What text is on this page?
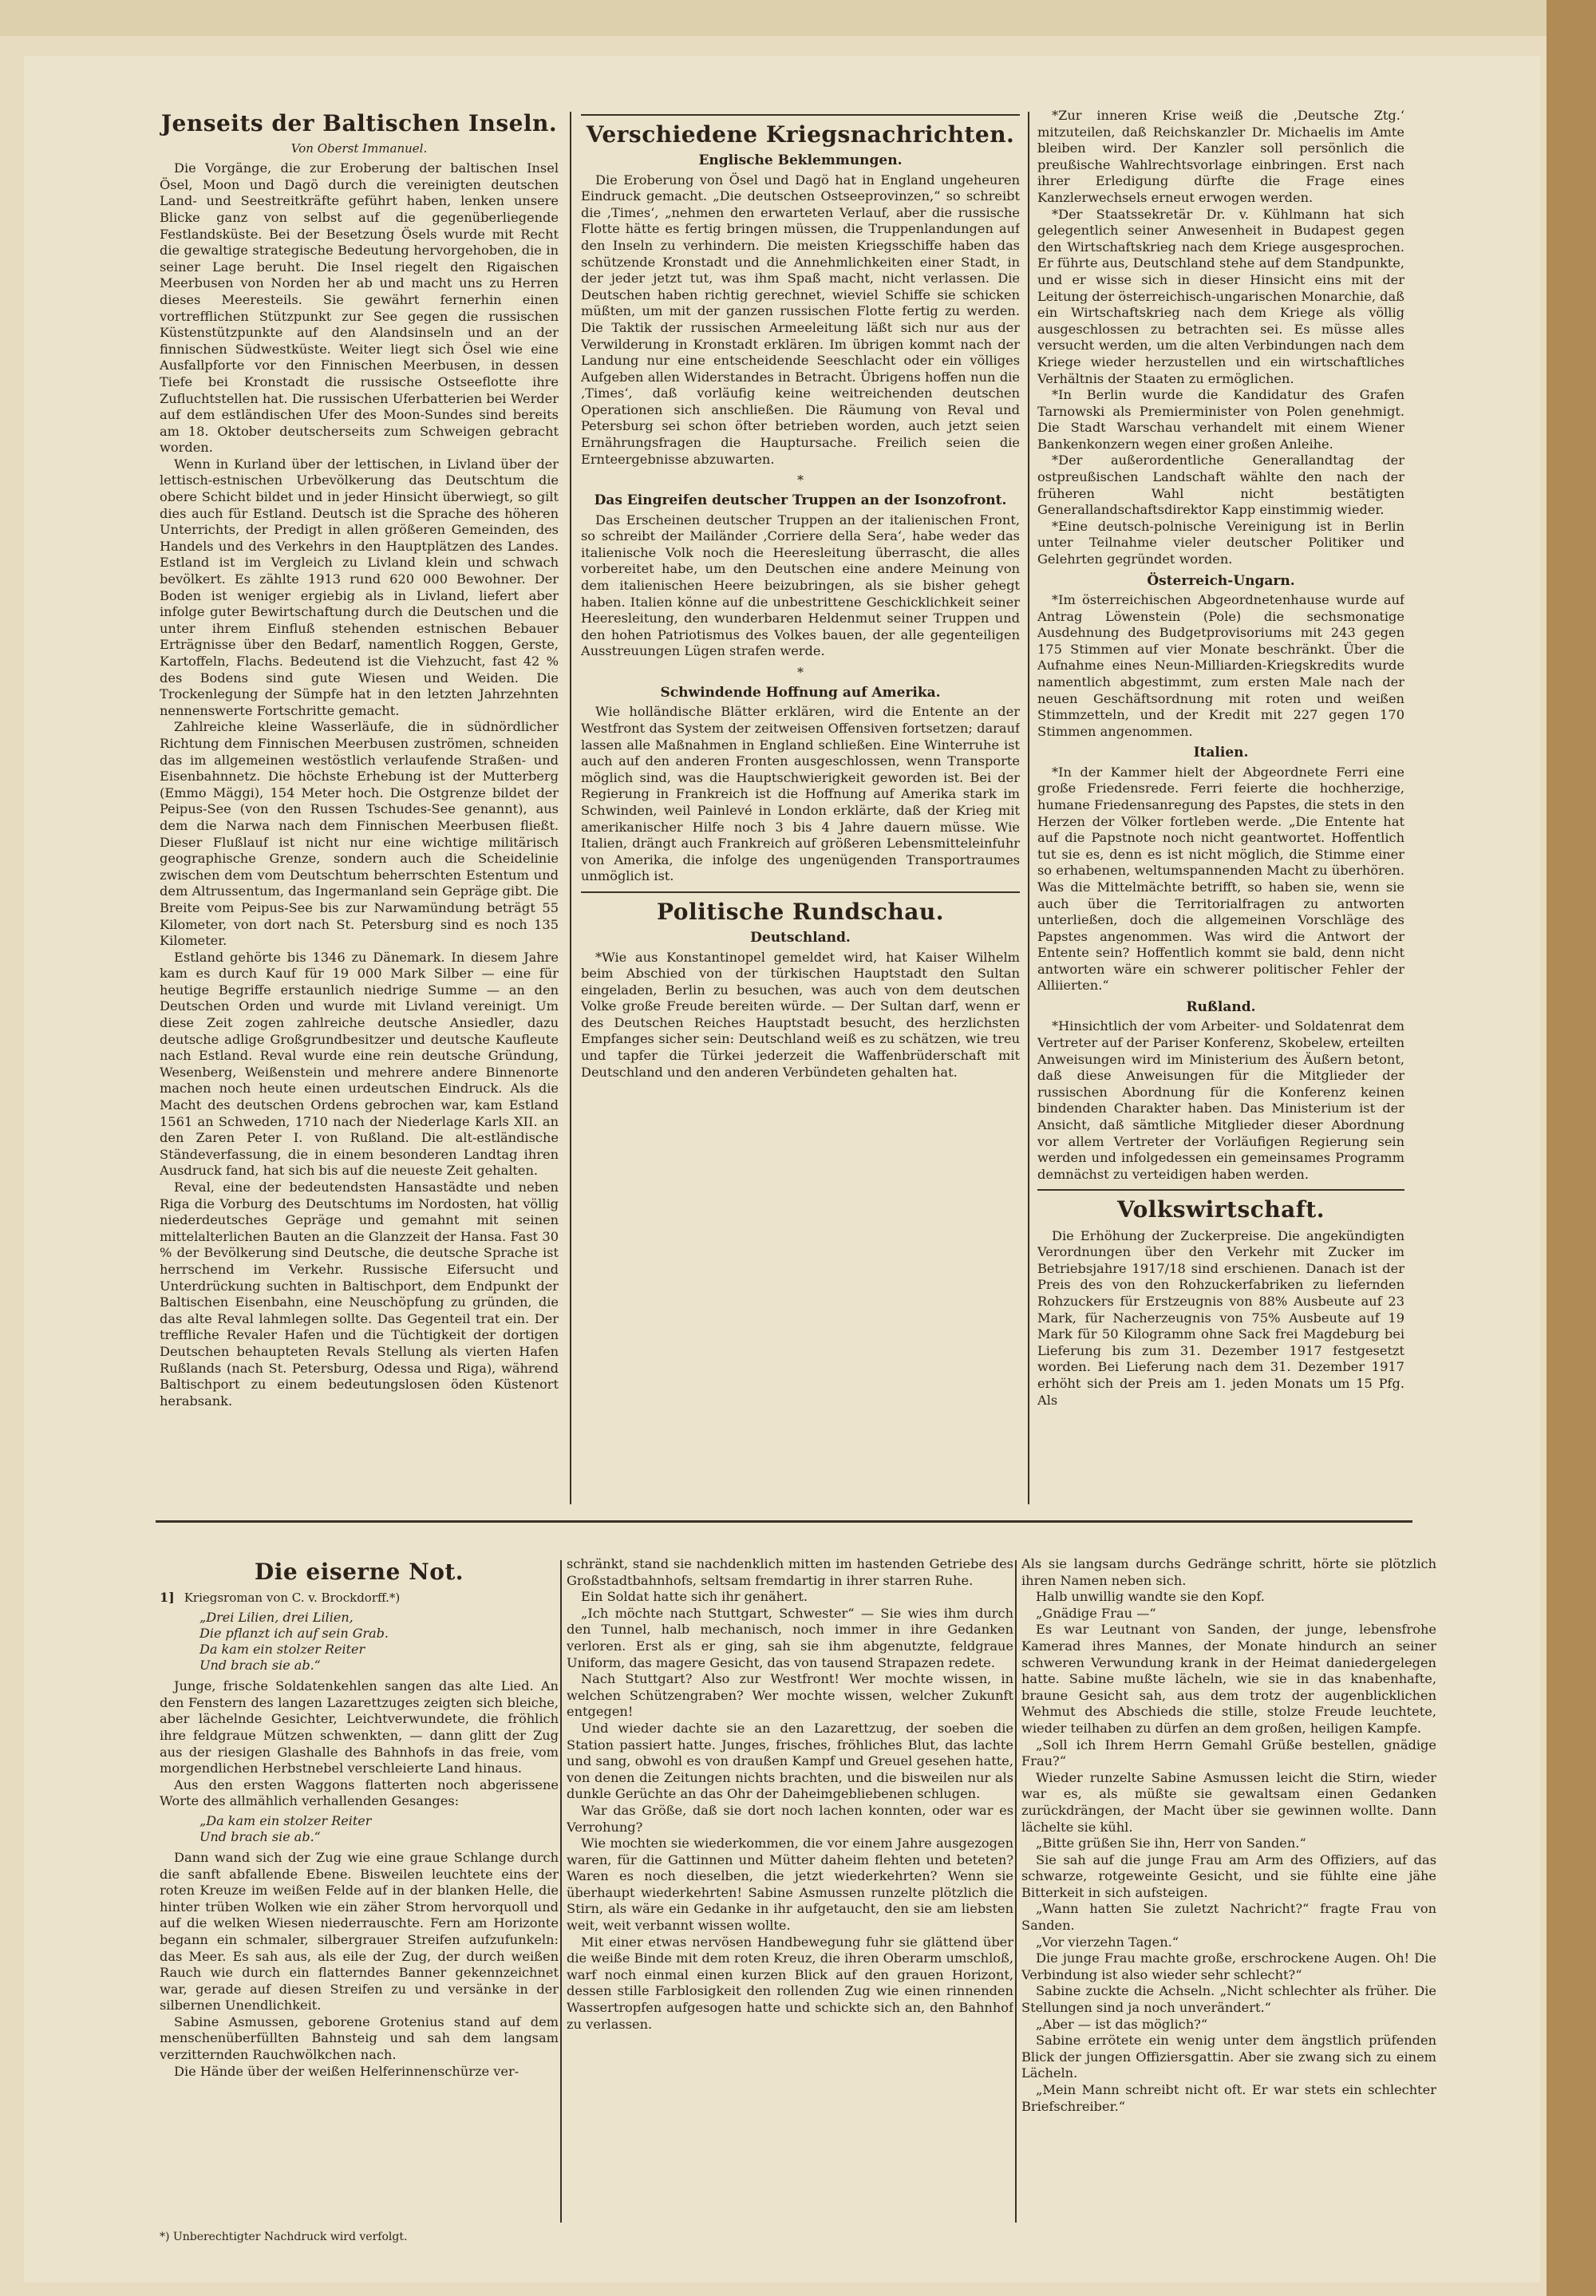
Jenseits der Baltischen Inseln.
Von Oberst Immanuel.

Die Vorgänge, die zur Eroberung der baltischen Insel Ösel, Moon und Dagö durch die vereinigten deutschen Land- und Seestreitkräfte geführt haben, lenken unsere Blicke ganz von selbst auf die gegenüberliegende Festlandsküste. Bei der Besetzung Ösels wurde mit Recht die gewaltige strategische Bedeutung hervorgehoben, die in seiner Lage beruht. Die Insel riegelt den Rigaischen Meerbusen von Norden her ab und macht uns zu Herren dieses Meeresteils. Sie gewährt fernerhin einen vortrefflichen Stützpunkt zur See gegen die russischen Küstenstützpunkte auf den Alandsinseln und an der finnischen Südwestküste. Weiter liegt sich Ösel wie eine Ausfallpforte vor den Finnischen Meerbusen, in dessen Tiefe bei Kronstadt die russische Ostseeflotte ihre Zufluchtstellen hat. Die russischen Uferbatterien bei Werder auf dem estländischen Ufer des Moon-Sundes sind bereits am 18. Oktober deutscherseits zum Schweigen gebracht worden.

Wenn in Kurland über der lettischen, in Livland über der lettisch-estnischen Urbevölkerung das Deutschtum die obere Schicht bildet und in jeder Hinsicht überwiegt, so gilt dies auch für Estland. Deutsch ist die Sprache des höheren Unterrichts, der Predigt in allen größeren Gemeinden, des Handels und des Verkehrs in den Hauptplätzen des Landes. Estland ist im Vergleich zu Livland klein und schwach bevölkert. Es zählte 1913 rund 620 000 Bewohner. Der Boden ist weniger ergiebig als in Livland, liefert aber infolge guter Bewirtschaftung durch die Deutschen und die unter ihrem Einfluß stehenden estnischen Bebauer Erträgnisse über den Bedarf, namentlich Roggen, Gerste, Kartoffeln, Flachs. Bedeutend ist die Viehzucht, fast 42 % des Bodens sind gute Wiesen und Weiden. Die Trockenlegung der Sümpfe hat in den letzten Jahrzehnten nennenswerte Fortschritte gemacht.

Zahlreiche kleine Wasserläufe, die in südnördlicher Richtung dem Finnischen Meerbusen zuströmen, schneiden das im allgemeinen westöstlich verlaufende Straßen- und Eisenbahnnetz. Die höchste Erhebung ist der Mutterberg (Emmo Mäggi), 154 Meter hoch. Die Ostgrenze bildet der Peipus-See (von den Russen Tschudes-See genannt), aus dem die Narwa nach dem Finnischen Meerbusen fließt. Dieser Flußlauf ist nicht nur eine wichtige militärisch geographische Grenze, sondern auch die Scheidelinie zwischen dem vom Deutschtum beherrschten Estentum und dem Altrussentum, das Ingermanland sein Gepräge gibt. Die Breite vom Peipus-See bis zur Narwamündung beträgt 55 Kilometer, von dort nach St. Petersburg sind es noch 135 Kilometer.

Estland gehörte bis 1346 zu Dänemark. In diesem Jahre kam es durch Kauf für 19 000 Mark Silber — eine für heutige Begriffe erstaunlich niedrige Summe — an den Deutschen Orden und wurde mit Livland vereinigt. Um diese Zeit zogen zahlreiche deutsche Ansiedler, dazu deutsche adlige Großgrundbesitzer und deutsche Kaufleute nach Estland. Reval wurde eine rein deutsche Gründung, Wesenberg, Weißenstein und mehrere andere Binnenorte machen noch heute einen urdeutschen Eindruck. Als die Macht des deutschen Ordens gebrochen war, kam Estland 1561 an Schweden, 1710 nach der Niederlage Karls XII. an den Zaren Peter I. von Rußland. Die alt-estländische Ständeverfassung, die in einem besonderen Landtag ihren Ausdruck fand, hat sich bis auf die neueste Zeit gehalten.

Reval, eine der bedeutendsten Hansastädte und neben Riga die Vorburg des Deutschtums im Nordosten, hat völlig niederdeutsches Gepräge und gemahnt mit seinen mittelalterlichen Bauten an die Glanzzeit der Hansa. Fast 30 % der Bevölkerung sind Deutsche, die deutsche Sprache ist herrschend im Verkehr. Russische Eifersucht und Unterdrückung suchten in Baltischport, dem Endpunkt der Baltischen Eisenbahn, eine Neuschöpfung zu gründen, die das alte Reval lahmlegen sollte. Das Gegenteil trat ein. Der treffliche Revaler Hafen und die Tüchtigkeit der dortigen Deutschen behaupteten Revals Stellung als vierten Hafen Rußlands (nach St. Petersburg, Odessa und Riga), während Baltischport zu einem bedeutungslosen öden Küstenort herabsank.

Verschiedene Kriegsnachrichten.
Englische Beklemmungen.

Die Eroberung von Ösel und Dagö hat in England ungeheuren Eindruck gemacht. „Die deutschen Ostseeprovinzen,“ so schreibt die ‚Times‘, „nehmen den erwarteten Verlauf, aber die russische Flotte hätte es fertig bringen müssen, die Truppenlandungen auf den Inseln zu verhindern. Die meisten Kriegsschiffe haben das schützende Kronstadt und die Annehmlichkeiten einer Stadt, in der jeder jetzt tut, was ihm Spaß macht, nicht verlassen. Die Deutschen haben richtig gerechnet, wieviel Schiffe sie schicken müßten, um mit der ganzen russischen Flotte fertig zu werden. Die Taktik der russischen Armeeleitung läßt sich nur aus der Verwilderung in Kronstadt erklären. Im übrigen kommt nach der Landung nur eine entscheidende Seeschlacht oder ein völliges Aufgeben allen Widerstandes in Betracht. Übrigens hoffen nun die ‚Times‘, daß vorläufig keine weitreichenden deutschen Operationen sich anschließen. Die Räumung von Reval und Petersburg sei schon öfter betrieben worden, auch jetzt seien Ernährungsfragen die Hauptursache. Freilich seien die Ernteergebnisse abzuwarten.

*
Das Eingreifen deutscher Truppen an der Isonzofront.

Das Erscheinen deutscher Truppen an der italienischen Front, so schreibt der Mailänder ‚Corriere della Sera‘, habe weder das italienische Volk noch die Heeresleitung überrascht, die alles vorbereitet habe, um den Deutschen eine andere Meinung von dem italienischen Heere beizubringen, als sie bisher gehegt haben. Italien könne auf die unbestrittene Geschicklichkeit seiner Heeresleitung, den wunderbaren Heldenmut seiner Truppen und den hohen Patriotismus des Volkes bauen, der alle gegenteiligen Ausstreuungen Lügen strafen werde.

*
Schwindende Hoffnung auf Amerika.

Wie holländische Blätter erklären, wird die Entente an der Westfront das System der zeitweisen Offensiven fortsetzen; darauf lassen alle Maßnahmen in England schließen. Eine Winterruhe ist auch auf den anderen Fronten ausgeschlossen, wenn Transporte möglich sind, was die Hauptschwierigkeit geworden ist. Bei der Regierung in Frankreich ist die Hoffnung auf Amerika stark im Schwinden, weil Painlevé in London erklärte, daß der Krieg mit amerikanischer Hilfe noch 3 bis 4 Jahre dauern müsse. Wie Italien, drängt auch Frankreich auf größeren Lebensmitteleinfuhr von Amerika, die infolge des ungenügenden Transportraumes unmöglich ist.

Politische Rundschau.
Deutschland.

*Wie aus Konstantinopel gemeldet wird, hat Kaiser Wilhelm beim Abschied von der türkischen Hauptstadt den Sultan eingeladen, Berlin zu besuchen, was auch von dem deutschen Volke große Freude bereiten würde. — Der Sultan darf, wenn er des Deutschen Reiches Hauptstadt besucht, des herzlichsten Empfanges sicher sein: Deutschland weiß es zu schätzen, wie treu und tapfer die Türkei jederzeit die Waffenbrüderschaft mit Deutschland und den anderen Verbündeten gehalten hat.

*Zur inneren Krise weiß die ‚Deutsche Ztg.‘ mitzuteilen, daß Reichskanzler Dr. Michaelis im Amte bleiben wird. Der Kanzler soll persönlich die preußische Wahlrechtsvorlage einbringen. Erst nach ihrer Erledigung dürfte die Frage eines Kanzlerwechsels erneut erwogen werden.

*Der Staatssekretär Dr. v. Kühlmann hat sich gelegentlich seiner Anwesenheit in Budapest gegen den Wirtschaftskrieg nach dem Kriege ausgesprochen. Er führte aus, Deutschland stehe auf dem Standpunkte, und er wisse sich in dieser Hinsicht eins mit der Leitung der österreichisch-ungarischen Monarchie, daß ein Wirtschaftskrieg nach dem Kriege als völlig ausgeschlossen zu betrachten sei. Es müsse alles versucht werden, um die alten Verbindungen nach dem Kriege wieder herzustellen und ein wirtschaftliches Verhältnis der Staaten zu ermöglichen.

*In Berlin wurde die Kandidatur des Grafen Tarnowski als Premierminister von Polen genehmigt. Die Stadt Warschau verhandelt mit einem Wiener Bankenkonzern wegen einer großen Anleihe.

*Der außerordentliche Generallandtag der ostpreußischen Landschaft wählte den nach der früheren Wahl nicht bestätigten Generallandschaftsdirektor Kapp einstimmig wieder.

*Eine deutsch-polnische Vereinigung ist in Berlin unter Teilnahme vieler deutscher Politiker und Gelehrten gegründet worden.

Österreich-Ungarn.

*Im österreichischen Abgeordnetenhause wurde auf Antrag Löwenstein (Pole) die sechsmonatige Ausdehnung des Budgetprovisoriums mit 243 gegen 175 Stimmen auf vier Monate beschränkt. Über die Aufnahme eines Neun-Milliarden-Kriegskredits wurde namentlich abgestimmt, zum ersten Male nach der neuen Geschäftsordnung mit roten und weißen Stimmzetteln, und der Kredit mit 227 gegen 170 Stimmen angenommen.

Italien.

*In der Kammer hielt der Abgeordnete Ferri eine große Friedensrede. Ferri feierte die hochherzige, humane Friedensanregung des Papstes, die stets in den Herzen der Völker fortleben werde. „Die Entente hat auf die Papstnote noch nicht geantwortet. Hoffentlich tut sie es, denn es ist nicht möglich, die Stimme einer so erhabenen, weltumspannenden Macht zu überhören. Was die Mittelmächte betrifft, so haben sie, wenn sie auch über die Territorialfragen zu antworten unterließen, doch die allgemeinen Vorschläge des Papstes angenommen. Was wird die Antwort der Entente sein? Hoffentlich kommt sie bald, denn nicht antworten wäre ein schwerer politischer Fehler der Alliierten.“

Rußland.

*Hinsichtlich der vom Arbeiter- und Soldatenrat dem Vertreter auf der Pariser Konferenz, Skobelew, erteilten Anweisungen wird im Ministerium des Äußern betont, daß diese Anweisungen für die Mitglieder der russischen Abordnung für die Konferenz keinen bindenden Charakter haben. Das Ministerium ist der Ansicht, daß sämtliche Mitglieder dieser Abordnung vor allem Vertreter der Vorläufigen Regierung sein werden und infolgedessen ein gemeinsames Programm demnächst zu verteidigen haben werden.

Volkswirtschaft.

Die Erhöhung der Zuckerpreise. Die angekündigten Verordnungen über den Verkehr mit Zucker im Betriebsjahre 1917/18 sind erschienen. Danach ist der Preis des von den Rohzuckerfabriken zu liefernden Rohzuckers für Erstzeugnis von 88% Ausbeute auf 23 Mark, für Nacherzeugnis von 75% Ausbeute auf 19 Mark für 50 Kilogramm ohne Sack frei Magdeburg bei Lieferung bis zum 31. Dezember 1917 festgesetzt worden. Bei Lieferung nach dem 31. Dezember 1917 erhöht sich der Preis am 1. jeden Monats um 15 Pfg. Als

Die eiserne Not.
1] Kriegsroman von C. v. Brockdorff.*)
„Drei Lilien, drei Lilien,
Die pflanzt ich auf sein Grab.
Da kam ein stolzer Reiter
Und brach sie ab.“

Junge, frische Soldatenkehlen sangen das alte Lied. An den Fenstern des langen Lazarettzuges zeigten sich bleiche, aber lächelnde Gesichter, Leichtverwundete, die fröhlich ihre feldgraue Mützen schwenkten, — dann glitt der Zug aus der riesigen Glashalle des Bahnhofs in das freie, vom morgendlichen Herbstnebel verschleierte Land hinaus.

Aus den ersten Waggons flatterten noch abgerissene Worte des allmählich verhallenden Gesanges:

„Da kam ein stolzer Reiter
Und brach sie ab.“

Dann wand sich der Zug wie eine graue Schlange durch die sanft abfallende Ebene. Bisweilen leuchtete eins der roten Kreuze im weißen Felde auf in der blanken Helle, die hinter trüben Wolken wie ein zäher Strom hervorquoll und auf die welken Wiesen niederrauschte. Fern am Horizonte begann ein schmaler, silbergrauer Streifen aufzufunkeln: das Meer. Es sah aus, als eile der Zug, der durch weißen Rauch wie durch ein flatterndes Banner gekennzeichnet war, gerade auf diesen Streifen zu und versänke in der silbernen Unendlichkeit.

Sabine Asmussen, geborene Grotenius stand auf dem menschenüberfüllten Bahnsteig und sah dem langsam verzitternden Rauchwölkchen nach.

Die Hände über der weißen Helferinnenschürze ver-

schränkt, stand sie nachdenklich mitten im hastenden Getriebe des Großstadtbahnhofs, seltsam fremdartig in ihrer starren Ruhe.

Ein Soldat hatte sich ihr genähert.

„Ich möchte nach Stuttgart, Schwester“ — Sie wies ihm durch den Tunnel, halb mechanisch, noch immer in ihre Gedanken verloren. Erst als er ging, sah sie ihm abgenutzte, feldgraue Uniform, das magere Gesicht, das von tausend Strapazen redete.

Nach Stuttgart? Also zur Westfront! Wer mochte wissen, in welchen Schützengraben? Wer mochte wissen, welcher Zukunft entgegen!

Und wieder dachte sie an den Lazarettzug, der soeben die Station passiert hatte. Junges, frisches, fröhliches Blut, das lachte und sang, obwohl es von draußen Kampf und Greuel gesehen hatte, von denen die Zeitungen nichts brachten, und die bisweilen nur als dunkle Gerüchte an das Ohr der Daheimgebliebenen schlugen.

War das Größe, daß sie dort noch lachen konnten, oder war es Verrohung?

Wie mochten sie wiederkommen, die vor einem Jahre ausgezogen waren, für die Gattinnen und Mütter daheim flehten und beteten? Waren es noch dieselben, die jetzt wiederkehrten? Wenn sie überhaupt wiederkehrten! Sabine Asmussen runzelte plötzlich die Stirn, als wäre ein Gedanke in ihr aufgetaucht, den sie am liebsten weit, weit verbannt wissen wollte.

Mit einer etwas nervösen Handbewegung fuhr sie glättend über die weiße Binde mit dem roten Kreuz, die ihren Oberarm umschloß, warf noch einmal einen kurzen Blick auf den grauen Horizont, dessen stille Farblosigkeit den rollenden Zug wie einen rinnenden Wassertropfen aufgesogen hatte und schickte sich an, den Bahnhof zu verlassen.

Als sie langsam durchs Gedränge schritt, hörte sie plötzlich ihren Namen neben sich.

Halb unwillig wandte sie den Kopf.

„Gnädige Frau —“

Es war Leutnant von Sanden, der junge, lebensfrohe Kamerad ihres Mannes, der Monate hindurch an seiner schweren Verwundung krank in der Heimat daniedergelegen hatte. Sabine mußte lächeln, wie sie in das knabenhafte, braune Gesicht sah, aus dem trotz der augenblicklichen Wehmut des Abschieds die stille, stolze Freude leuchtete, wieder teilhaben zu dürfen an dem großen, heiligen Kampfe.

„Soll ich Ihrem Herrn Gemahl Grüße bestellen, gnädige Frau?“

Wieder runzelte Sabine Asmussen leicht die Stirn, wieder war es, als müßte sie gewaltsam einen Gedanken zurückdrängen, der Macht über sie gewinnen wollte. Dann lächelte sie kühl.

„Bitte grüßen Sie ihn, Herr von Sanden.“

Sie sah auf die junge Frau am Arm des Offiziers, auf das schwarze, rotgeweinte Gesicht, und sie fühlte eine jähe Bitterkeit in sich aufsteigen.

„Wann hatten Sie zuletzt Nachricht?“ fragte Frau von Sanden.

„Vor vierzehn Tagen.“

Die junge Frau machte große, erschrockene Augen. Oh! Die Verbindung ist also wieder sehr schlecht?“

Sabine zuckte die Achseln. „Nicht schlechter als früher. Die Stellungen sind ja noch unverändert.“

„Aber — ist das möglich?“

Sabine errötete ein wenig unter dem ängstlich prüfenden Blick der jungen Offiziersgattin. Aber sie zwang sich zu einem Lächeln.

„Mein Mann schreibt nicht oft. Er war stets ein schlechter Briefschreiber.“

*) Unberechtigter Nachdruck wird verfolgt.
